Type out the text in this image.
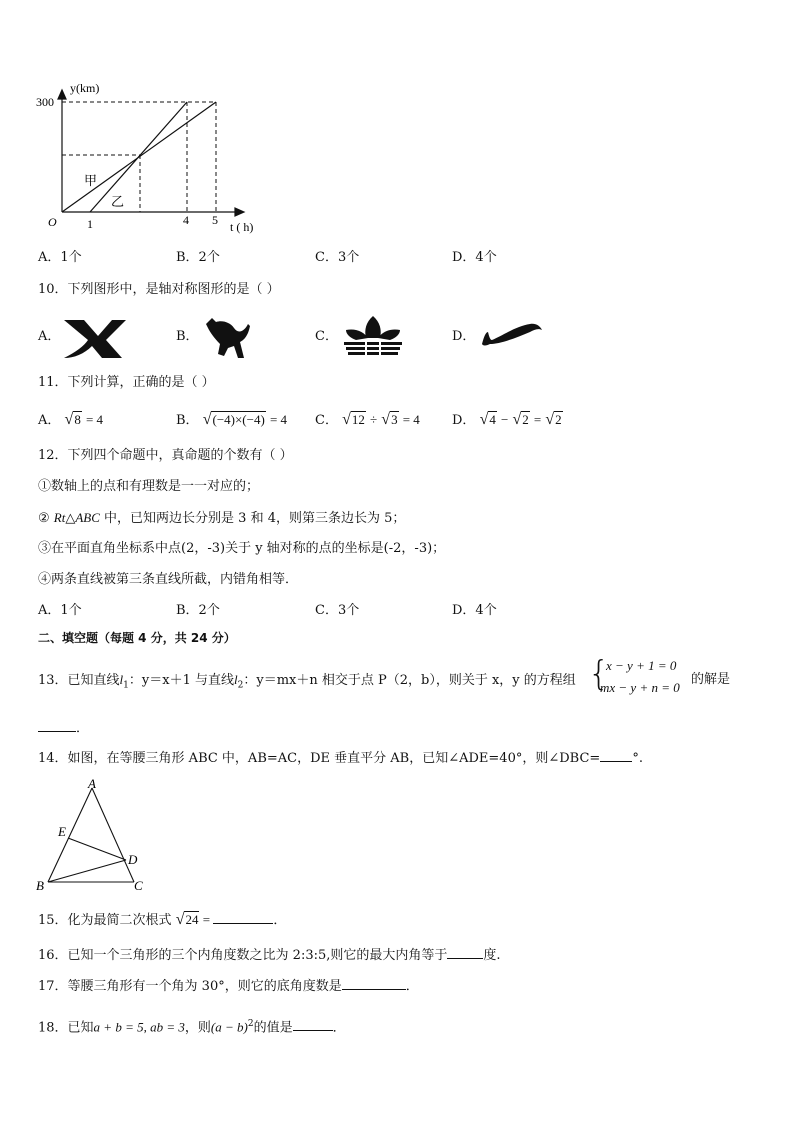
y(km)
300
O	1	4 5 t ( h)
甲
乙
A．1个	B．2个	C．3个	D．4个
10．下列图形中，是轴对称图形的是（ ）
A．	B．	C．	D．
11．下列计算，正确的是（ ）
A． √8 = 4	B． √(−4)×(−4) = 4 C． √12 ÷ √3 = 4 D． √4 − √2 = √2
12．下列四个命题中，真命题的个数有（ ）
①数轴上的点和有理数是一一对应的；
② Rt△ABC 中，已知两边长分别是 3 和 4，则第三条边长为 5；
③在平面直角坐标系中点(2，-3)关于 y 轴对称的点的坐标是(-2，-3)；
④两条直线被第三条直线所截，内错角相等．
A．1个	B．2个	C．3个	D．4个
二、填空题（每题 4 分，共 24 分）
13．已知直线$l_1$：y＝x＋1 与直线$l_2$：y＝mx＋n 相交于点 P（2，b），则关于 x，y 的方程组 {
x − y + 1 = 0
mx − y + n = 0
的解是
．
14．如图，在等腰三角形 ABC 中，AB=AC，DE 垂直平分 AB，已知∠ADE=40°，则∠DBC= °.
A
E
D
B	C
15．化为最简二次根式 √24 =	．
16．已知一个三角形的三个内角度数之比为 2:3:5,则它的最大内角等于	度.
17．等腰三角形有一个角为 30°，则它的底角度数是	．
18．已知a + b = 5, ab = 3，则$(a - b)^2$的值是	．
